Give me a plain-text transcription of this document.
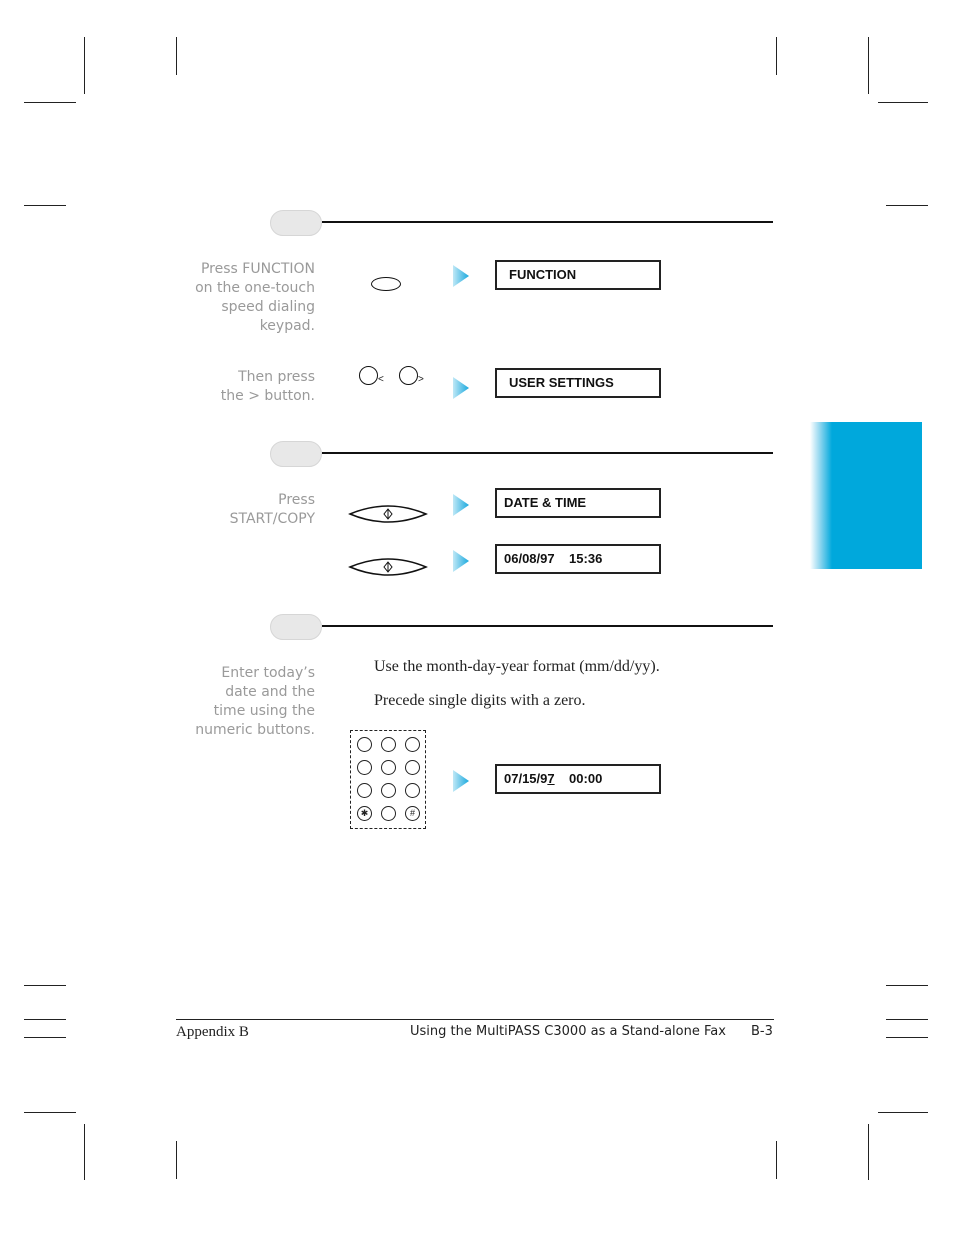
Press FUNCTION
on the one-touch
speed dialing
keypad.
FUNCTION
Then press
the > button.
<	>	USER SETTINGS
Press
START/COPY
DATE & TIME
06/08/97    15:36
Enter today’s
date and the
time using the
numeric buttons.
Use the month-day-year format (mm/dd/yy).
Precede single digits with a zero.
✱	#
07/15/97    00:00
Appendix B	Using the MultiPASS C3000 as a Stand-alone Fax B-3
